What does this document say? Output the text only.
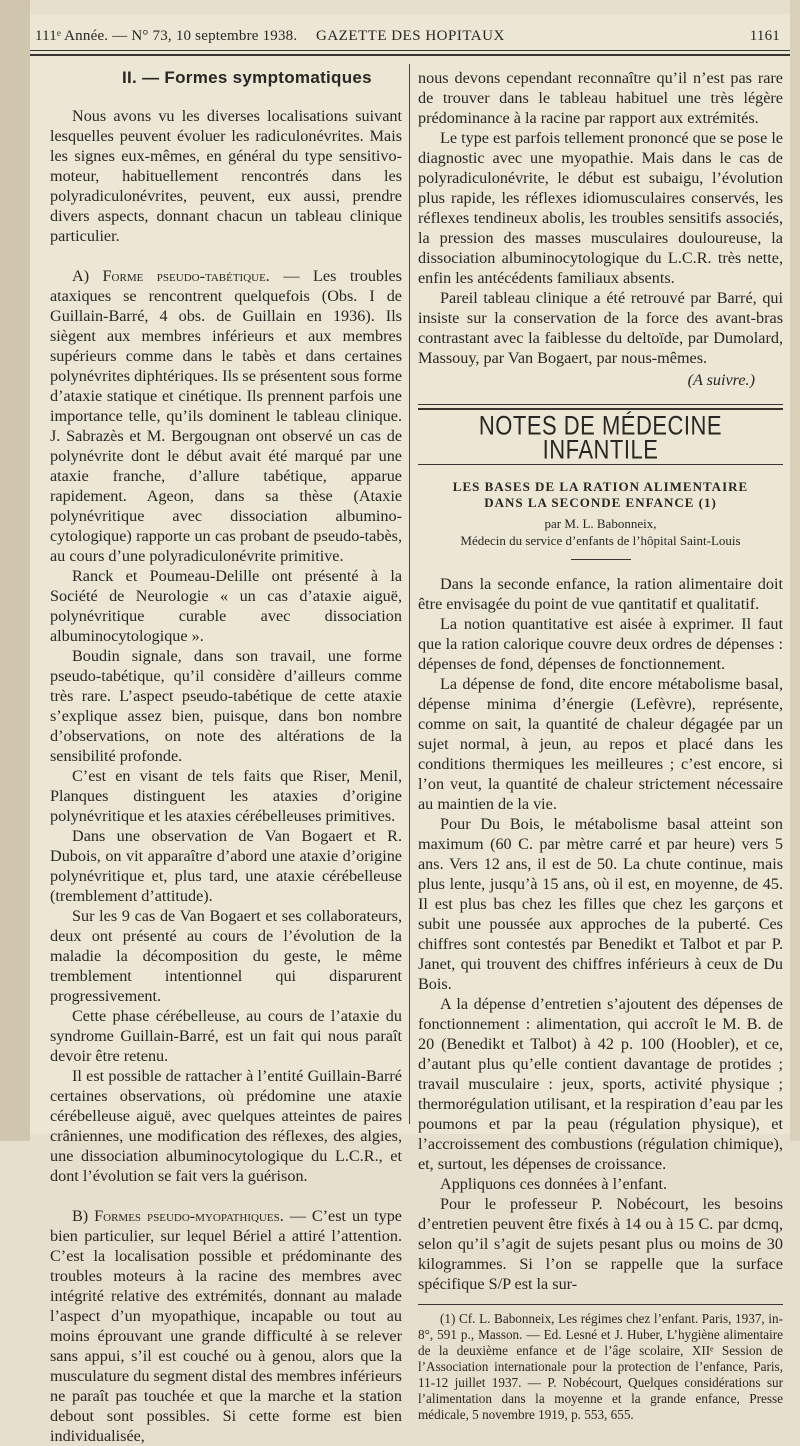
111ᵉ Année. — N° 73, 10 septembre 1938. GAZETTE DES HOPITAUX	1161
II. — Formes symptomatiques

Nous avons vu les diverses localisations suivant lesquelles peuvent évoluer les radiculonévrites. Mais les signes eux-mêmes, en général du type sensitivo-moteur, habituellement rencontrés dans les polyradiculonévrites, peuvent, eux aussi, prendre divers aspects, donnant chacun un tableau clinique particulier.

A) Forme pseudo-tabétique. — Les troubles ataxiques se rencontrent quelquefois (Obs. I de Guillain-Barré, 4 obs. de Guillain en 1936). Ils siègent aux membres inférieurs et aux membres supérieurs comme dans le tabès et dans certaines polynévrites diphtériques. Ils se présentent sous forme d’ataxie statique et cinétique. Ils prennent parfois une importance telle, qu’ils dominent le tableau clinique. J. Sabrazès et M. Bergougnan ont observé un cas de polynévrite dont le début avait été marqué par une ataxie franche, d’allure tabétique, apparue rapidement. Ageon, dans sa thèse (Ataxie polynévritique avec dissociation albumino-cytologique) rapporte un cas probant de pseudo-tabès, au cours d’une polyradiculonévrite primitive.

Ranck et Poumeau-Delille ont présenté à la Société de Neurologie « un cas d’ataxie aiguë, polynévritique curable avec dissociation albuminocytologique ».

Boudin signale, dans son travail, une forme pseudo-tabétique, qu’il considère d’ailleurs comme très rare. L’aspect pseudo-tabétique de cette ataxie s’explique assez bien, puisque, dans bon nombre d’observations, on note des altérations de la sensibilité profonde.

C’est en visant de tels faits que Riser, Menil, Planques distinguent les ataxies d’origine polynévritique et les ataxies cérébelleuses primitives.

Dans une observation de Van Bogaert et R. Dubois, on vit apparaître d’abord une ataxie d’origine polynévritique et, plus tard, une ataxie cérébelleuse (tremblement d’attitude).

Sur les 9 cas de Van Bogaert et ses collaborateurs, deux ont présenté au cours de l’évolution de la maladie la décomposition du geste, le même tremblement intentionnel qui disparurent progressivement.

Cette phase cérébelleuse, au cours de l’ataxie du syndrome Guillain-Barré, est un fait qui nous paraît devoir être retenu.

Il est possible de rattacher à l’entité Guillain-Barré certaines observations, où prédomine une ataxie cérébelleuse aiguë, avec quelques atteintes de paires crâniennes, une modification des réflexes, des algies, une dissociation albuminocytologique du L.C.R., et dont l’évolution se fait vers la guérison.

B) Formes pseudo-myopathiques. — C’est un type bien particulier, sur lequel Bériel a attiré l’attention. C’est la localisation possible et prédominante des troubles moteurs à la racine des membres avec intégrité relative des extrémités, donnant au malade l’aspect d’un myopathique, incapable ou tout au moins éprouvant une grande difficulté à se relever sans appui, s’il est couché ou à genou, alors que la musculature du segment distal des membres inférieurs ne paraît pas touchée et que la marche et la station debout sont possibles. Si cette forme est bien individualisée,

nous devons cependant reconnaître qu’il n’est pas rare de trouver dans le tableau habituel une très légère prédominance à la racine par rapport aux extrémités.

Le type est parfois tellement prononcé que se pose le diagnostic avec une myopathie. Mais dans le cas de polyradiculonévrite, le début est subaigu, l’évolution plus rapide, les réflexes idiomusculaires conservés, les réflexes tendineux abolis, les troubles sensitifs associés, la pression des masses musculaires douloureuse, la dissociation albuminocytologique du L.C.R. très nette, enfin les antécédents familiaux absents.

Pareil tableau clinique a été retrouvé par Barré, qui insiste sur la conservation de la force des avant-bras contrastant avec la faiblesse du deltoïde, par Dumolard, Massouy, par Van Bogaert, par nous-mêmes.

(A suivre.)

NOTES DE MÉDECINE INFANTILE
LES BASES DE LA RATION ALIMENTAIRE
DANS LA SECONDE ENFANCE (1)
par M. L. Babonneix,
Médecin du service d’enfants de l’hôpital Saint-Louis

Dans la seconde enfance, la ration alimentaire doit être envisagée du point de vue qantitatif et qualitatif.

La notion quantitative est aisée à exprimer. Il faut que la ration calorique couvre deux ordres de dépenses : dépenses de fond, dépenses de fonctionnement.

La dépense de fond, dite encore métabolisme basal, dépense minima d’énergie (Lefèvre), représente, comme on sait, la quantité de chaleur dégagée par un sujet normal, à jeun, au repos et placé dans les conditions thermiques les meilleures ; c’est encore, si l’on veut, la quantité de chaleur strictement nécessaire au maintien de la vie.

Pour Du Bois, le métabolisme basal atteint son maximum (60 C. par mètre carré et par heure) vers 5 ans. Vers 12 ans, il est de 50. La chute continue, mais plus lente, jusqu’à 15 ans, où il est, en moyenne, de 45. Il est plus bas chez les filles que chez les garçons et subit une poussée aux approches de la puberté. Ces chiffres sont contestés par Benedikt et Talbot et par P. Janet, qui trouvent des chiffres inférieurs à ceux de Du Bois.

A la dépense d’entretien s’ajoutent des dépenses de fonctionnement : alimentation, qui accroît le M. B. de 20 (Benedikt et Talbot) à 42 p. 100 (Hoobler), et ce, d’autant plus qu’elle contient davantage de protides ; travail musculaire : jeux, sports, activité physique ; thermorégulation utilisant, et la respiration d’eau par les poumons et par la peau (régulation physique), et l’accroissement des combustions (régulation chimique), et, surtout, les dépenses de croissance.

Appliquons ces données à l’enfant.

Pour le professeur P. Nobécourt, les besoins d’entretien peuvent être fixés à 14 ou à 15 C. par dcmq, selon qu’il s’agit de sujets pesant plus ou moins de 30 kilogrammes. Si l’on se rappelle que la surface spécifique S/P est la sur-

(1) Cf. L. Babonneix, Les régimes chez l’enfant. Paris, 1937, in-8°, 591 p., Masson. — Ed. Lesné et J. Huber, L’hygiène alimentaire de la deuxième enfance et de l’âge scolaire, XIIᵉ Session de l’Association internationale pour la protection de l’enfance, Paris, 11-12 juillet 1937. — P. Nobécourt, Quelques considérations sur l’alimentation dans la moyenne et la grande enfance, Presse médicale, 5 novembre 1919, p. 553, 655.
